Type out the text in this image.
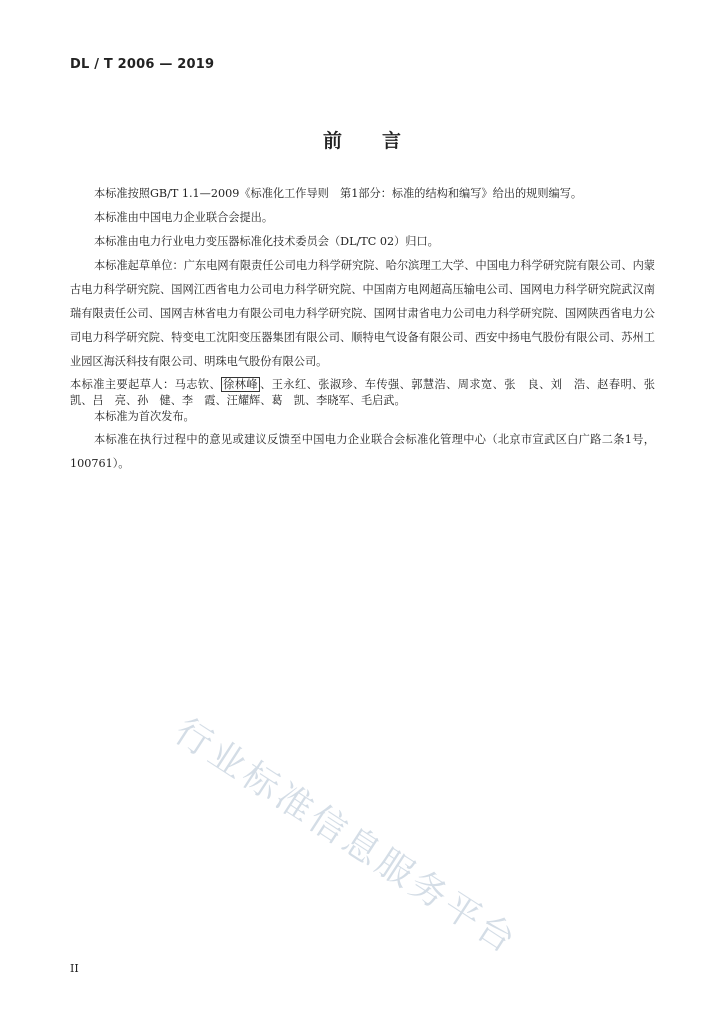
DL / T 2006 — 2019
前 言

本标准按照GB/T 1.1—2009《标准化工作导则　第1部分：标准的结构和编写》给出的规则编写。

本标准由中国电力企业联合会提出。

本标准由电力行业电力变压器标准化技术委员会（DL/TC 02）归口。

本标准起草单位：广东电网有限责任公司电力科学研究院、哈尔滨理工大学、中国电力科学研究院有限公司、内蒙古电力科学研究院、国网江西省电力公司电力科学研究院、中国南方电网超高压输电公司、国网电力科学研究院武汉南瑞有限责任公司、国网吉林省电力有限公司电力科学研究院、国网甘肃省电力公司电力科学研究院、国网陕西省电力公司电力科学研究院、特变电工沈阳变压器集团有限公司、顺特电气设备有限公司、西安中扬电气股份有限公司、苏州工业园区海沃科技有限公司、明珠电气股份有限公司。

本标准主要起草人：马志钦、 徐林峰 、王永红、张淑珍、车传强、郭慧浩、周求宽、张　良、刘　浩、赵春明、张　凯、吕　亮、孙　健、李　霞、汪耀辉、葛　凯、李晓军、毛启武。

本标准为首次发布。

本标准在执行过程中的意见或建议反馈至中国电力企业联合会标准化管理中心（北京市宣武区白广路二条1号，100761）。

行业标准信息服务平台
II
